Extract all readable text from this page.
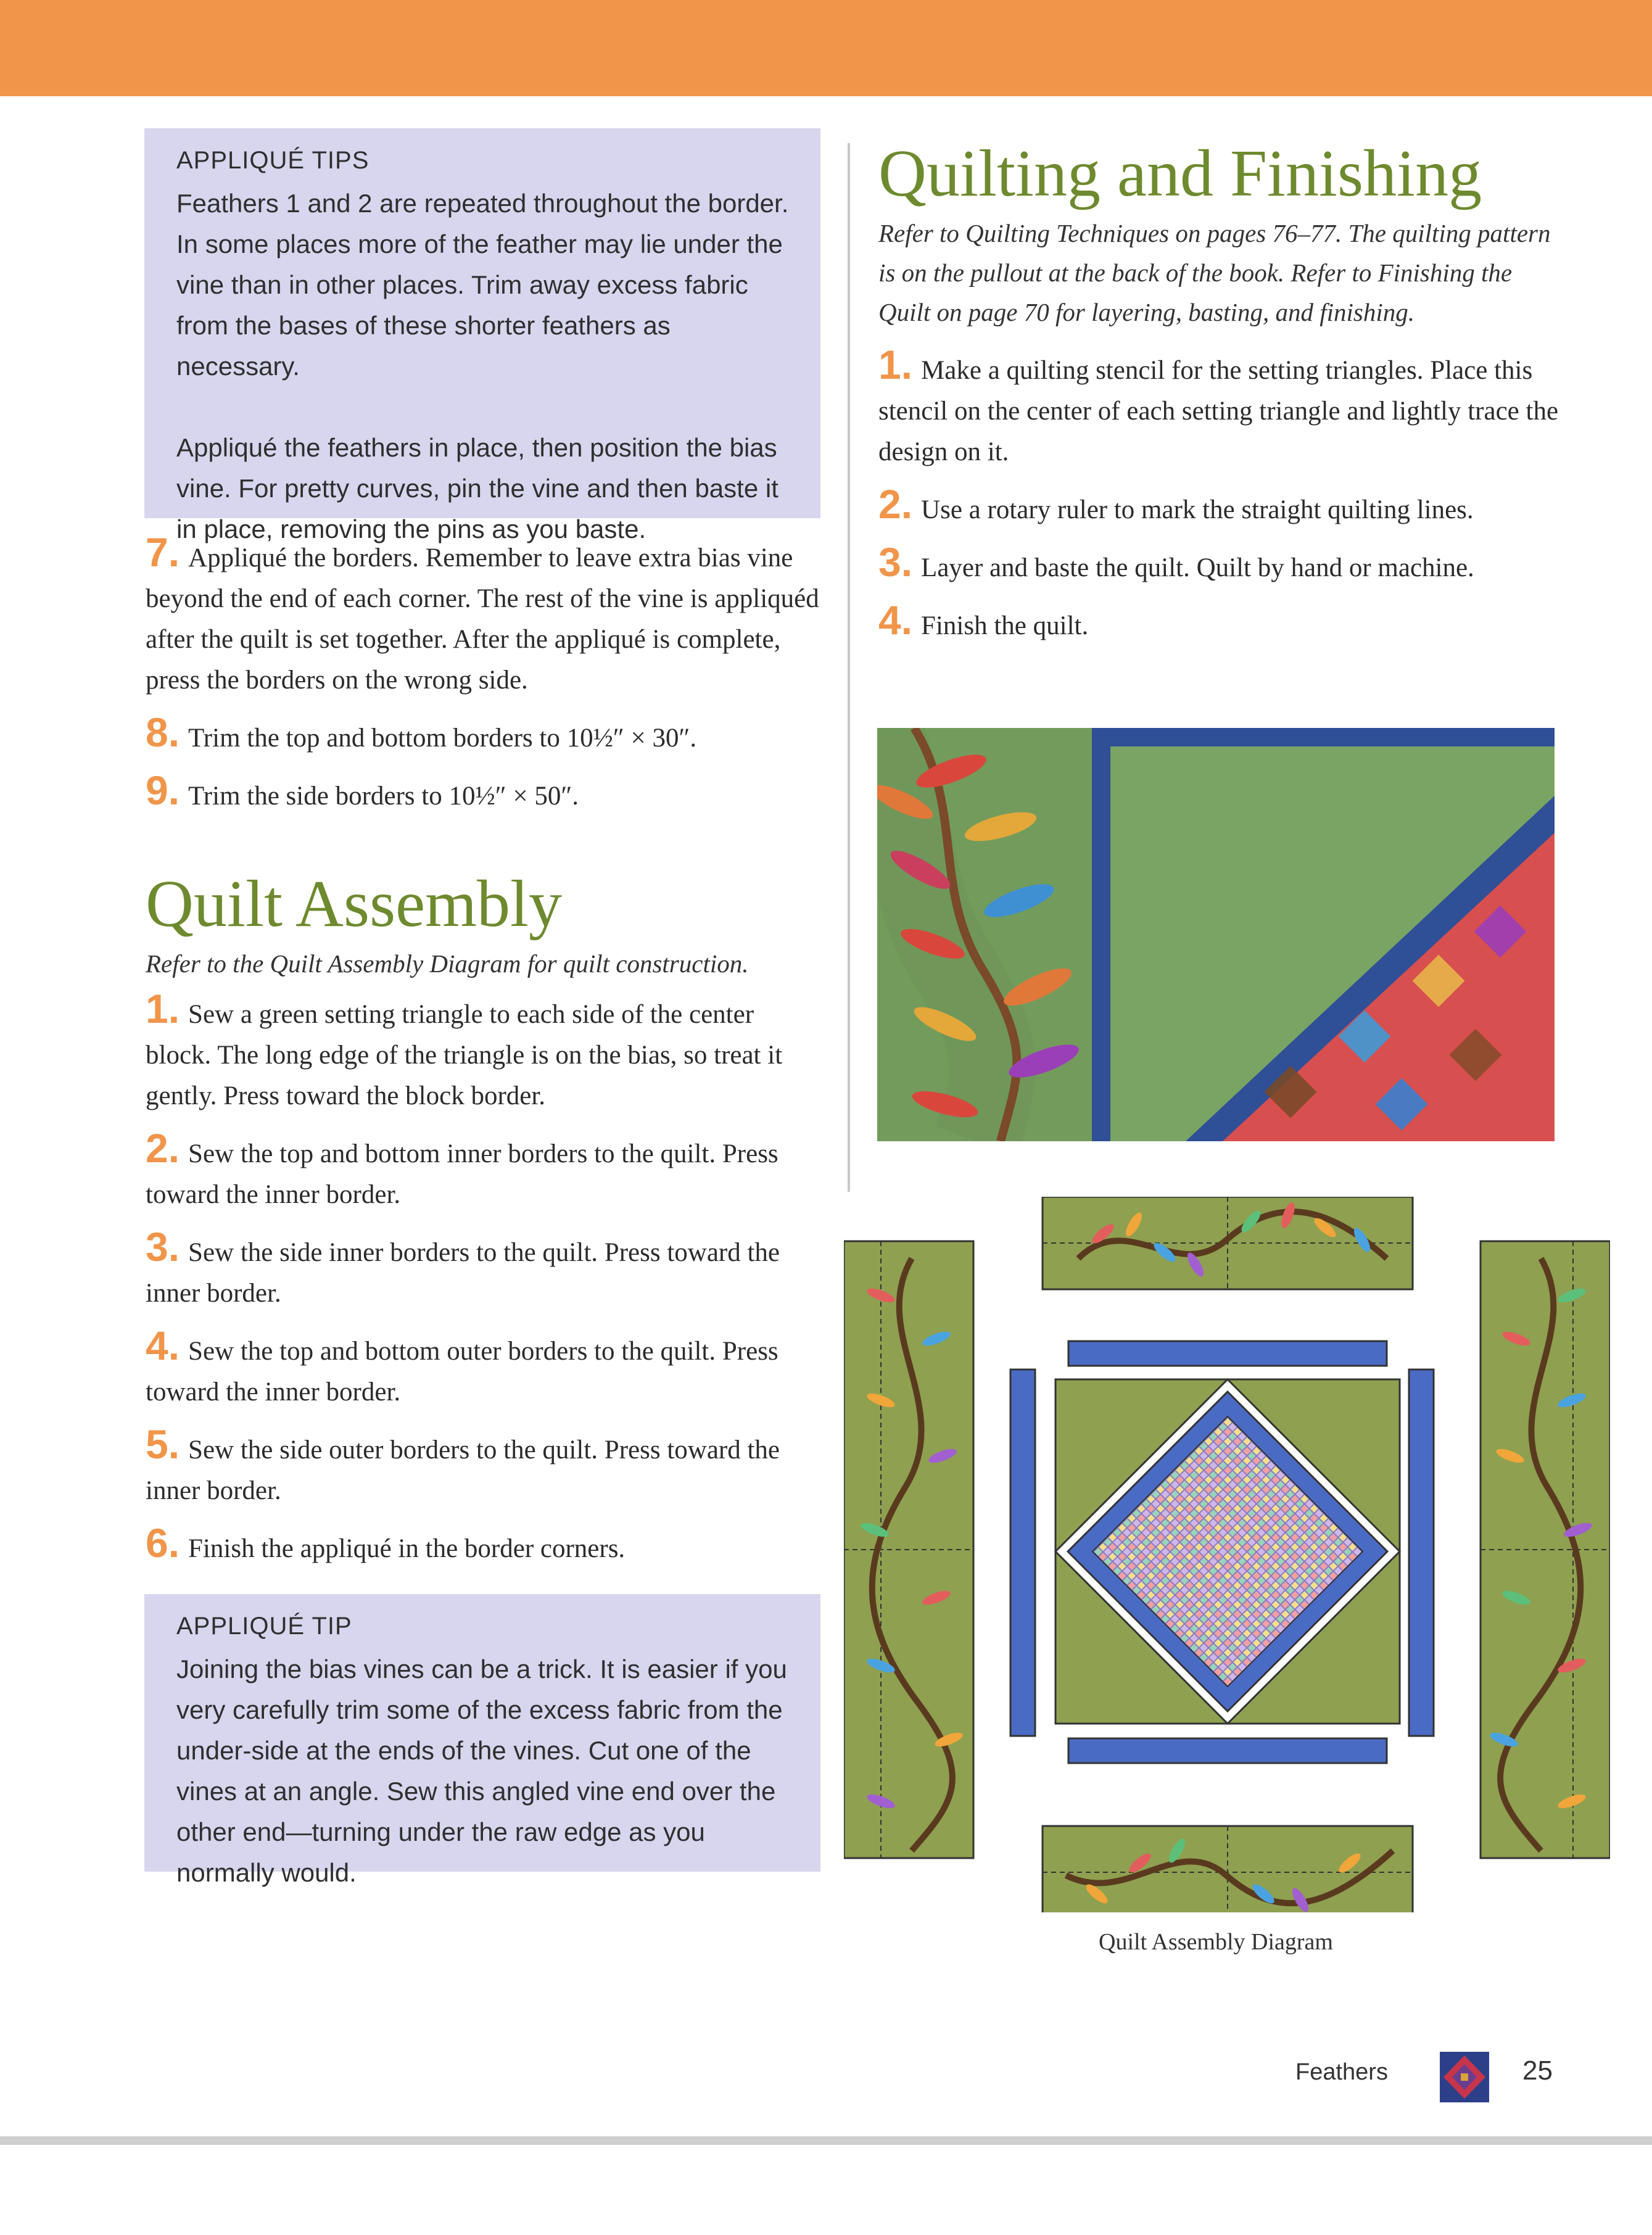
APPLIQUÉ TIPS

Feathers 1 and 2 are repeated throughout the border. In some places more of the feather may lie under the vine than in other places. Trim away excess fabric from the bases of these shorter feathers as necessary.

Appliqué the feathers in place, then position the bias vine. For pretty curves, pin the vine and then baste it in place, removing the pins as you baste.

7. Appliqué the borders. Remember to leave extra bias vine beyond the end of each corner. The rest of the vine is appliquéd after the quilt is set together. After the appliqué is complete, press the borders on the wrong side.
8. Trim the top and bottom borders to 10½″ × 30″.
9. Trim the side borders to 10½″ × 50″.
Quilt Assembly
Refer to the Quilt Assembly Diagram for quilt construction.
1. Sew a green setting triangle to each side of the center block. The long edge of the triangle is on the bias, so treat it gently. Press toward the block border.
2. Sew the top and bottom inner borders to the quilt. Press toward the inner border.
3. Sew the side inner borders to the quilt. Press toward the inner border.
4. Sew the top and bottom outer borders to the quilt. Press toward the inner border.
5. Sew the side outer borders to the quilt. Press toward the inner border.
6. Finish the appliqué in the border corners.
APPLIQUÉ TIP

Joining the bias vines can be a trick. It is easier if you very carefully trim some of the excess fabric from the under-side at the ends of the vines. Cut one of the vines at an angle. Sew this angled vine end over the other end—turning under the raw edge as you normally would.

Quilting and Finishing
Refer to Quilting Techniques on pages 76–77. The quilting pattern is on the pullout at the back of the book. Refer to Finishing the Quilt on page 70 for layering, basting, and finishing.
1. Make a quilting stencil for the setting triangles. Place this stencil on the center of each setting triangle and lightly trace the design on it.
2. Use a rotary ruler to mark the straight quilting lines.
3. Layer and baste the quilt. Quilt by hand or machine.
4. Finish the quilt.
Quilt Assembly Diagram
Feathers	25
